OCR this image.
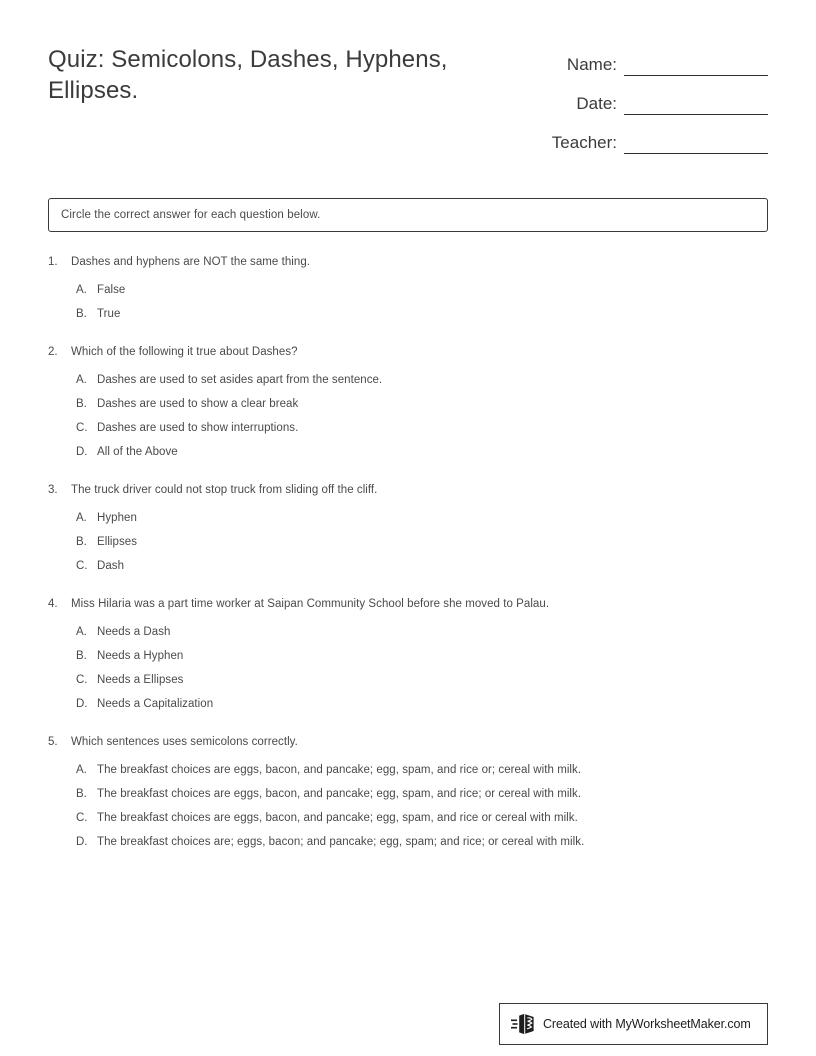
Quiz: Semicolons, Dashes, Hyphens, Ellipses.
Name:
Date:
Teacher:
Circle the correct answer for each question below.
1.	Dashes and hyphens are NOT the same thing.
A. False
B. True
2.	Which of the following it true about Dashes?
A. Dashes are used to set asides apart from the sentence.
B. Dashes are used to show a clear break
C. Dashes are used to show interruptions.
D. All of the Above
3.	The truck driver could not stop truck from sliding off the cliff.
A. Hyphen
B. Ellipses
C. Dash
4.	Miss Hilaria was a part time worker at Saipan Community School before she moved to Palau.
A. Needs a Dash
B. Needs a Hyphen
C. Needs a Ellipses
D. Needs a Capitalization
5.	Which sentences uses semicolons correctly.
A. The breakfast choices are eggs, bacon, and pancake; egg, spam, and rice or; cereal with milk.
B. The breakfast choices are eggs, bacon, and pancake; egg, spam, and rice; or cereal with milk.
C. The breakfast choices are eggs, bacon, and pancake; egg, spam, and rice or cereal with milk.
D. The breakfast choices are; eggs, bacon; and pancake; egg, spam; and rice; or cereal with milk.
Created with MyWorksheetMaker.com
